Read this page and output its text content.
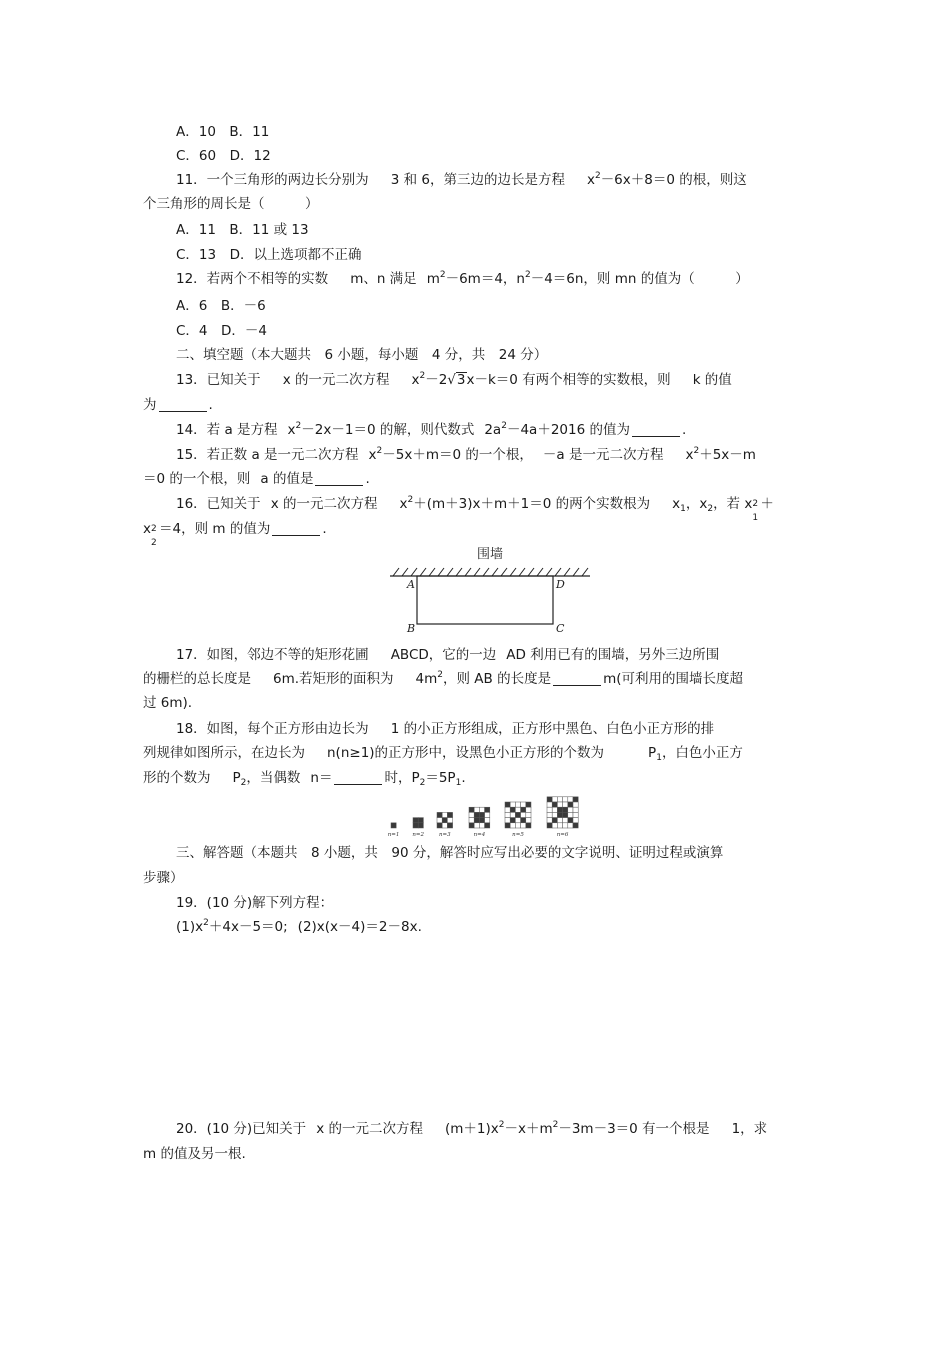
A．10　B．11
C．60　D．12
11．一个三角形的两边长分别为 3 和 6，第三边的边长是方程 $x^2-6x+8=0$ 的根，则这
个三角形的周长是（　　　）
A．11　B．11 或 13
C．13　D．以上选项都不正确
12．若两个不相等的实数 m、n 满足 $m^2-6m=4$，$n^2-4=6n$，则 mn 的值为（　　　）
A．6　B．－6
C．4　D．－4
二、填空题（本大题共　6 小题，每小题　4 分，共　24 分）
13．已知关于 x 的一元二次方程 $x^2-2√3x-k=0$ 有两个相等的实数根，则 k 的值
为	.
14．若 a 是方程 $x^2-2x-1=0$ 的解，则代数式 $2a^2-4a+2016$ 的值为	.
15．若正数 a 是一元二次方程 $x^2-5x+m=0$ 的一个根， －a 是一元二次方程 $x^2+5x-m$
＝0 的一个根，则 a 的值是	.
16．已知关于 x 的一元二次方程 $x^2+(m+3)x+m+1=0$ 的两个实数根为 $x_1$，$x_2$，若 x 2
1
＋
x 2
2
＝4，则 m 的值为	.
围墙
A	D
B	C
17．如图，邻边不等的矩形花圃 ABCD，它的一边 AD 利用已有的围墙，另外三边所围
的栅栏的总长度是 6m.若矩形的面积为 $4m^2$，则 AB 的长度是	m(可利用的围墙长度超
过 6m).
18．如图，每个正方形由边长为 1 的小正方形组成，正方形中黑色、白色小正方形的排
列规律如图所示，在边长为 n(n≥1)的正方形中，设黑色小正方形的个数为	$P_1$，白色小正方
形的个数为 $P_2$，当偶数 n＝	时，$P_2=5P_1$.
n=1 n=2	n=3	n=4	n=5	n=6
三、解答题（本题共　8 小题，共　90 分，解答时应写出必要的文字说明、证明过程或演算
步骤）
19．(10 分)解下列方程：
$(1)x^2+4x-5=0$; (2)x(x－4)＝2－8x.
20．(10 分)已知关于 x 的一元二次方程 $(m+1)x^2-x+m^2-3m-3=0$ 有一个根是 1，求
m 的值及另一根.
